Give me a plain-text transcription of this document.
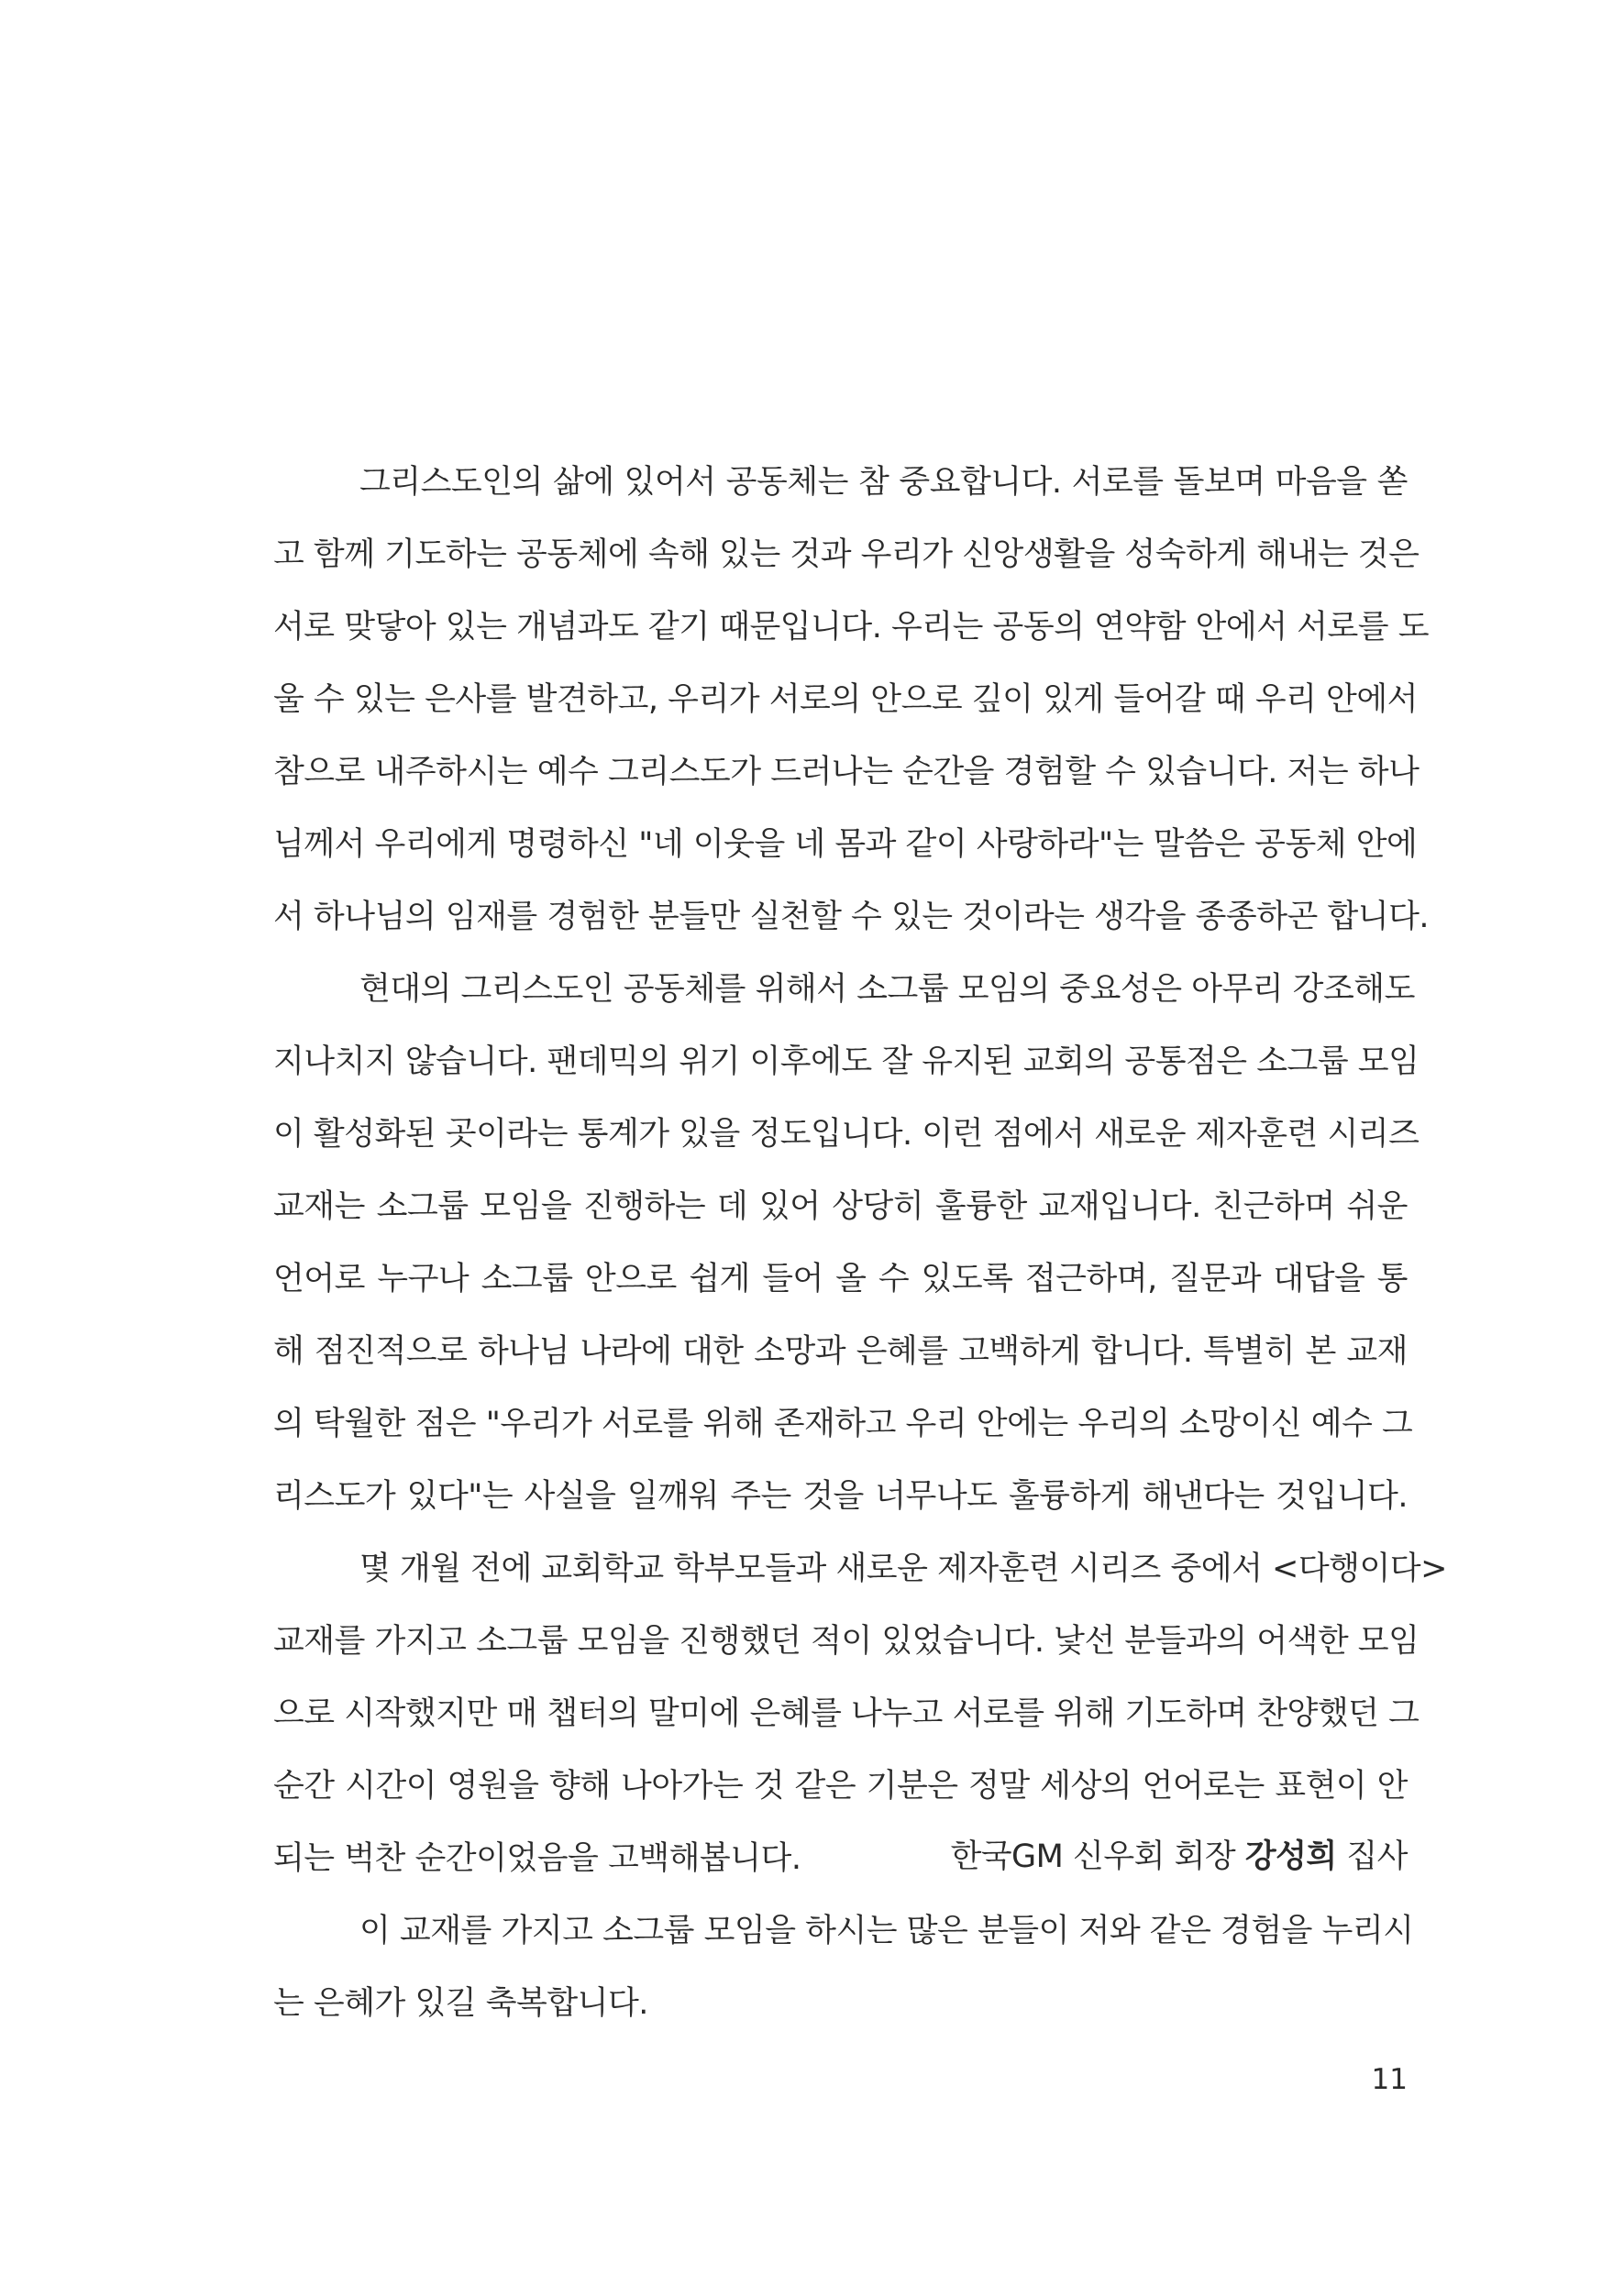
그리스도인의 삶에 있어서 공동체는 참 중요합니다. 서로를 돌보며 마음을 쏟
고 함께 기도하는 공동체에 속해 있는 것과 우리가 신앙생활을 성숙하게 해내는 것은
서로 맞닿아 있는 개념과도 같기 때문입니다. 우리는 공동의 연약함 안에서 서로를 도
울 수 있는 은사를 발견하고, 우리가 서로의 안으로 깊이 있게 들어갈 때 우리 안에서
참으로 내주하시는 예수 그리스도가 드러나는 순간을 경험할 수 있습니다. 저는 하나
님께서 우리에게 명령하신 "네 이웃을 네 몸과 같이 사랑하라"는 말씀은 공동체 안에
서 하나님의 임재를 경험한 분들만 실천할 수 있는 것이라는 생각을 종종하곤 합니다.
현대의 그리스도인 공동체를 위해서 소그룹 모임의 중요성은 아무리 강조해도
지나치지 않습니다. 팬데믹의 위기 이후에도 잘 유지된 교회의 공통점은 소그룹 모임
이 활성화된 곳이라는 통계가 있을 정도입니다. 이런 점에서 새로운 제자훈련 시리즈
교재는 소그룹 모임을 진행하는 데 있어 상당히 훌륭한 교재입니다. 친근하며 쉬운
언어로 누구나 소그룹 안으로 쉽게 들어 올 수 있도록 접근하며, 질문과 대답을 통
해 점진적으로 하나님 나라에 대한 소망과 은혜를 고백하게 합니다. 특별히 본 교재
의 탁월한 점은 "우리가 서로를 위해 존재하고 우리 안에는 우리의 소망이신 예수 그
리스도가 있다"는 사실을 일깨워 주는 것을 너무나도 훌륭하게 해낸다는 것입니다.
몇 개월 전에 교회학교 학부모들과 새로운 제자훈련 시리즈 중에서 <다행이다>
교재를 가지고 소그룹 모임을 진행했던 적이 있었습니다. 낯선 분들과의 어색한 모임
으로 시작했지만 매 챕터의 말미에 은혜를 나누고 서로를 위해 기도하며 찬양했던 그
순간 시간이 영원을 향해 나아가는 것 같은 기분은 정말 세상의 언어로는 표현이 안
되는 벅찬 순간이었음을 고백해봅니다.
이 교재를 가지고 소그룹 모임을 하시는 많은 분들이 저와 같은 경험을 누리시
는 은혜가 있길 축복합니다.
한국GM 신우회 회장 강성희 집사
11
